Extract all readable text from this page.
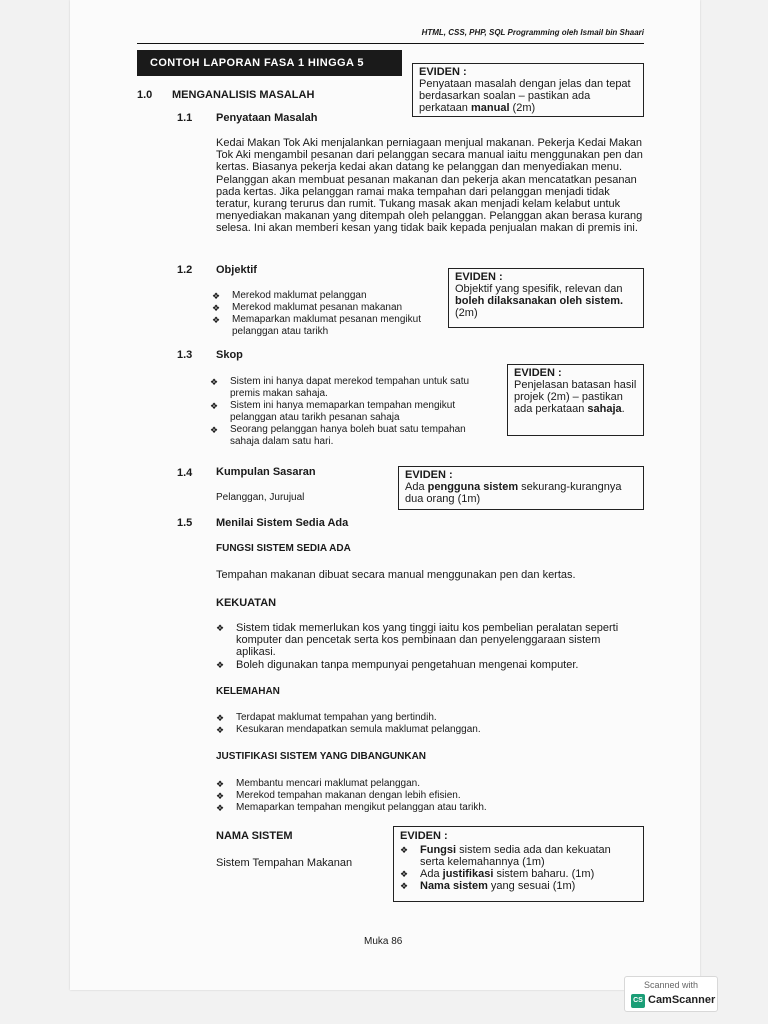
HTML, CSS, PHP, SQL Programming oleh Ismail bin Shaari
CONTOH LAPORAN FASA 1 HINGGA 5
EVIDEN :
Penyataan masalah dengan jelas dan tepat berdasarkan soalan – pastikan ada perkataan manual (2m)
1.0 MENGANALISIS MASALAH
1.1 Penyataan Masalah
Kedai Makan Tok Aki menjalankan perniagaan menjual makanan. Pekerja Kedai Makan Tok Aki mengambil pesanan dari pelanggan secara manual iaitu menggunakan pen dan kertas. Biasanya pekerja kedai akan datang ke pelanggan dan menyediakan menu. Pelanggan akan membuat pesanan makanan dan pekerja akan mencatatkan pesanan pada kertas. Jika pelanggan ramai maka tempahan dari pelanggan menjadi tidak teratur, kurang terurus dan rumit. Tukang masak akan menjadi kelam kelabut untuk menyediakan makanan yang ditempah oleh pelanggan. Pelanggan akan berasa kurang selesa. Ini akan memberi kesan yang tidak baik kepada penjualan makan di premis ini.
1.2 Objektif
❖ Merekod maklumat pelanggan
❖ Merekod maklumat pesanan makanan
❖ Memaparkan maklumat pesanan mengikut pelanggan atau tarikh
EVIDEN :
Objektif yang spesifik, relevan dan boleh dilaksanakan oleh sistem. (2m)
1.3 Skop
❖ Sistem ini hanya dapat merekod tempahan untuk satu premis makan sahaja.
❖ Sistem ini hanya memaparkan tempahan mengikut pelanggan atau tarikh pesanan sahaja
❖ Seorang pelanggan hanya boleh buat satu tempahan sahaja dalam satu hari.
EVIDEN :
Penjelasan batasan hasil projek (2m) – pastikan ada perkataan sahaja.
1.4 Kumpulan Sasaran
Pelanggan, Jurujual
EVIDEN :
Ada pengguna sistem sekurang-kurangnya dua orang (1m)
1.5 Menilai Sistem Sedia Ada
FUNGSI SISTEM SEDIA ADA
Tempahan makanan dibuat secara manual menggunakan pen dan kertas.
KEKUATAN
❖ Sistem tidak memerlukan kos yang tinggi iaitu kos pembelian peralatan seperti komputer dan pencetak serta kos pembinaan dan penyelenggaraan sistem aplikasi.
❖ Boleh digunakan tanpa mempunyai pengetahuan mengenai komputer.
KELEMAHAN
❖ Terdapat maklumat tempahan yang bertindih.
❖ Kesukaran mendapatkan semula maklumat pelanggan.
JUSTIFIKASI SISTEM YANG DIBANGUNKAN
❖ Membantu mencari maklumat pelanggan.
❖ Merekod tempahan makanan dengan lebih efisien.
❖ Memaparkan tempahan mengikut pelanggan atau tarikh.
NAMA SISTEM
Sistem Tempahan Makanan
EVIDEN :
❖ Fungsi sistem sedia ada dan kekuatan serta kelemahannya (1m)
❖ Ada justifikasi sistem baharu. (1m)
❖ Nama sistem yang sesuai (1m)
Muka 86
Scanned with
CS CamScanner
